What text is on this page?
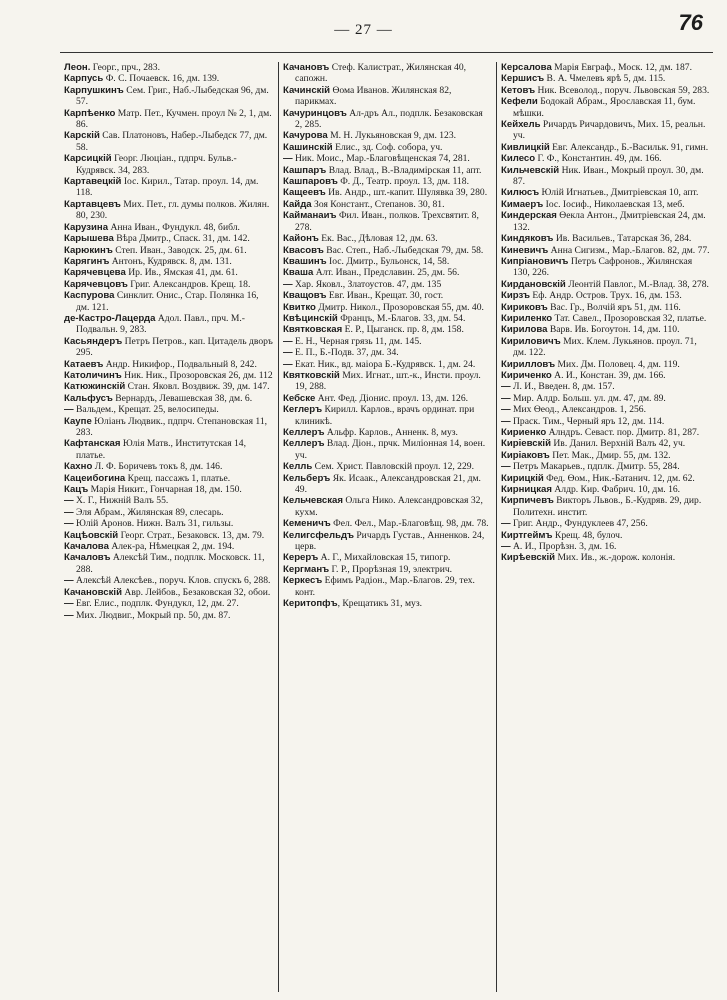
— 27 —	76

Леон. Георг., прч., 283.

Карпусь Ф. С. Почаевск. 16, дм. 139.

Карпушкинъ Сем. Григ., Наб.-Лыбедская 96, дм. 57.

Карпѣенко Матр. Пет., Кучмен. проул № 2, 1, дм. 86.

Карскій Сав. Платоновъ, Набер.-Лыбедск 77, дм. 58.

Карсицкій Георг. Люціан., пдпрч. Бульв.-Кудрявск. 34, 283.

Картавецкій Іос. Кирил., Татар. проул. 14, дм. 118.

Картавцевъ Мих. Пет., гл. думы полков. Жилян. 80, 230.

Карузина Анна Иван., Фундукл. 48, библ.

Карышева Вѣра Дмитр., Спаск. 31, дм. 142.

Карюкинъ Степ. Иван., Заводск. 25, дм. 61.

Карягинъ Антонъ, Кудрявск. 8, дм. 131.

Карячевцева Ир. Ив., Ямская 41, дм. 61.

Карячевцовъ Григ. Александров. Крещ. 18.

Каспурова Синклит. Онис., Стар. Полянка 16, дм. 121.

де-Кастро-Лацерда Адол. Павл., прч. М.-Подвальн. 9, 283.

Касьяндеръ Петръ Петров., кап. Цитадель дворъ 295.

Катаевъ Андр. Никифор., Подвальный 8, 242.

Католичинъ Ник. Ник., Прозоровская 26, дм. 112

Катюжинскій Стан. Яковл. Воздвиж. 39, дм. 147.

Кальфусъ Вернардъ, Левашевская 38, дм. 6.

— Вальдем., Крещат. 25, велосипеды.

Каупе Юліанъ Людвик., пдпрч. Степановская 11, 283.

Кафтанская Юлія Матв., Институтская 14, платье.

Кахно Л. Ф. Боричевъ токъ 8, дм. 146.

Кацеибогина Крещ. пассажъ 1, платье.

Кацъ Марія Никит., Гончарная 18, дм. 150.

— Х. Г., Нижній Валъ 55.

— Эля Абрам., Жилянская 89, слесарь.

— Юлій Аронов. Нижн. Валъ 31, гильзы.

Кацѣовскій Георг. Страт., Безаковск. 13, дм. 79.

Качалова Алек-ра, Нѣмецкая 2, дм. 194.

Качаловъ Алексѣй Тим., подплк. Московск. 11, 288.

— Алексѣй Алексѣев., поруч. Клов. спускъ 6, 288.

Качановскій Авр. Лейбов., Безаковская 32, обои.

— Евг. Елис., подплк. Фундукл, 12, дм. 27.

— Мих. Людвиг., Мокрый пр. 50, дм. 87.

Качановъ Стеф. Калистрат., Жилянская 40, сапожн.

Качинскій Ѳома Иванов. Жилянская 82, парикмах.

Качуринцовъ Ал-дръ Ал., подплк. Безаковская 2, 285.

Качурова М. Н. Лукьяновская 9, дм. 123.

Кашинскій Елис., зд. Соф. собора, уч.

— Ник. Моис., Мар.-Благовѣщенская 74, 281.

Кашпаръ Влад. Влад., В.-Владимірская 11, апт.

Кашпаровъ Ф. Д., Театр. проул. 13, дм. 118.

Кащеевъ Ив. Андр., шт.-капит. Шулявка 39, 280.

Кайда Зоя Констант., Степанов. 30, 81.

Кайманаиъ Фил. Иван., полков. Трехсвятит. 8, 278.

Кайонъ Ек. Вас., Дѣловая 12, дм. 63.

Квасовъ Вас. Степ., Наб.-Лыбедская 79, дм. 58.

Квашинъ Іос. Дмитр., Бульонск, 14, 58.

Кваша Алт. Иван., Предславин. 25, дм. 56.

— Хар. Яковл., Златоустов. 47, дм. 135

Кващовъ Евг. Иван., Крещат. 30, гост.

Квитко Дмитр. Никол., Прозоровская 55, дм. 40.

Квѣцинскій Францъ, М.-Благов. 33, дм. 54.

Квятковская Е. Р., Цыганск. пр. 8, дм. 158.

— Е. Н., Черная грязь 11, дм. 145.

— Е. П., Б.-Подв. 37, дм. 34.

— Екат. Ник., вд. маіора Б.-Кудрявск. 1, дм. 24.

Квятковскій Мих. Игнат., шт.-к., Инсти. проул. 19, 288.

Кебске Ант. Фед. Діонис. проул. 13, дм. 126.

Кеглеръ Кирилл. Карлов., врачъ ординат. при клиникѣ.

Келлеръ Альфр. Карлов., Анненк. 8, муз.

Келлеръ Влад. Діон., прчк. Миліонная 14, воен. уч.

Келль Сем. Христ. Павловскій проул. 12, 229.

Кельберъ Як. Исаак., Александровская 21, дм. 49.

Кельчевская Ольга Нико. Александровская 32, кухм.

Кеменичъ Фел. Фел., Мар.-Благовѣщ. 98, дм. 78.

Келигсфельдъ Ричардъ Густав., Анненков. 24, церв.

Кереръ А. Г., Михайловская 15, типогр.

Кергманъ Г. Р., Прорѣзная 19, электрич.

Керкесъ Ефимъ Радіон., Мар.-Благов. 29, тех. конт.

Керитопфъ, Крещатикъ 31, муз.

Керсалова Марія Евграф., Моск. 12, дм. 187.

Кершисъ В. А. Чмелевъ ярѣ 5, дм. 115.

Кетовъ Ник. Всеволод., поруч. Львовская 59, 283.

Кефели Бодокай Абрам., Ярославская 11, бум. мѣшки.

Кейхель Ричардъ Ричардовичъ, Мих. 15, реальн. уч.

Кивлицкій Евг. Александр., Б.-Васильк. 91, гимн.

Килесо Г. Ф., Константин. 49, дм. 166.

Кильчевскій Ник. Иван., Мокрый проул. 30, дм. 87.

Килюсъ Юлій Игнатьев., Дмитріевская 10, апт.

Кимаеръ Іос. Іосиф., Николаевская 13, меб.

Киндерская Ѳекла Антон., Дмитріевская 24, дм. 132.

Киндяковъ Ив. Васильев., Татарская 36, 284.

Киневичъ Анна Сигизм., Мар.-Благов. 82, дм. 77.

Кипріановичъ Петръ Сафронов., Жилянская 130, 226.

Кирдановскій Леонтій Павлог., М.-Влад. 38, 278.

Кирзъ Еф. Андр. Остров. Трух. 16, дм. 153.

Кириковъ Вас. Гр., Волчій яръ 51, дм. 116.

Кириленко Тат. Савел., Прозоровская 32, платье.

Кирилова Варв. Ив. Богоутон. 14, дм. 110.

Кириловичъ Мих. Клем. Лукьянов. проул. 71, дм. 122.

Кирилловъ Мих. Дм. Половец. 4, дм. 119.

Кириченко А. И., Констан. 39, дм. 166.

— Л. И., Введен. 8, дм. 157.

— Мир. Алдр. Больш. ул. дм. 47, дм. 89.

— Мих Ѳеод., Александров. 1, 256.

— Праск. Тим., Черный яръ 12, дм. 114.

Кириенко Алндръ. Севаст. пор. Дмитр. 81, 287.

Киріевскій Ив. Данил. Верхній Валъ 42, уч.

Киріаковъ Пет. Мак., Дмир. 55, дм. 132.

— Петръ Макарьев., пдплк. Дмитр. 55, 284.

Кирицкій Фед. Ѳом., Ник.-Батанич. 12, дм. 62.

Кирницкая Алдр. Кир. Фабрич. 10, дм. 16.

Кирпичевъ Викторъ Львов., Б.-Кудряв. 29, дир. Политехн. инстит.

— Григ. Андр., Фундуклеев 47, 256.

Киртгеймъ Крещ. 48, булоч.

— А. И., Прорѣзн. 3, дм. 16.

Кирѣевскій Мих. Ив., ж.-дорож. колонія.
